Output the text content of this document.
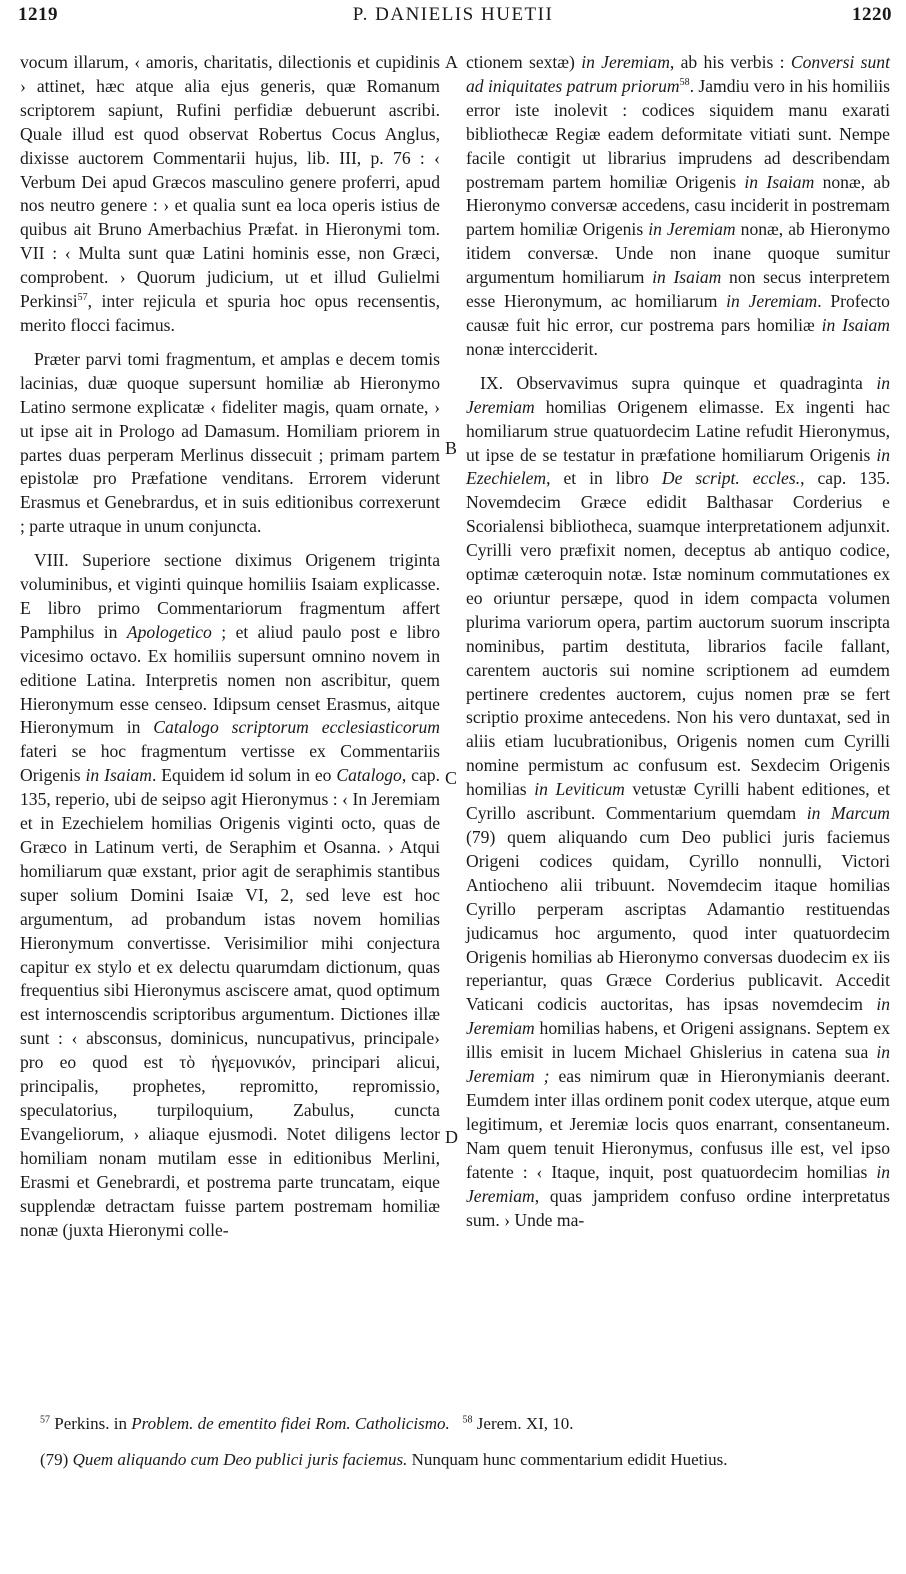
1219	P. DANIELIS HUETII	1220

vocum illarum, ‹ amoris, charitatis, dilectionis et cupidinis › attinet, hæc atque alia ejus generis, quæ Romanum scriptorem sapiunt, Rufini perfidiæ debuerunt ascribi. Quale illud est quod observat Robertus Cocus Anglus, dixisse auctorem Commentarii hujus, lib. III, p. 76 : ‹ Verbum Dei apud Græcos masculino genere proferri, apud nos neutro genere : › et qualia sunt ea loca operis istius de quibus ait Bruno Amerbachius Præfat. in Hieronymi tom. VII : ‹ Multa sunt quæ Latini hominis esse, non Græci, comprobent. › Quorum judicium, ut et illud Gulielmi Perkinsi$^{57}$, inter rejicula et spuria hoc opus recensentis, merito flocci facimus.

Præter parvi tomi fragmentum, et amplas e decem tomis lacinias, duæ quoque supersunt homiliæ ab Hieronymo Latino sermone explicatæ ‹ fideliter magis, quam ornate, › ut ipse ait in Prologo ad Damasum. Homiliam priorem in partes duas perperam Merlinus dissecuit ; primam partem epistolæ pro Præfatione venditans. Errorem viderunt Erasmus et Genebrardus, et in suis editionibus correxerunt ; parte utraque in unum conjuncta.

VIII. Superiore sectione diximus Origenem triginta voluminibus, et viginti quinque homiliis Isaiam explicasse. E libro primo Commentariorum fragmentum affert Pamphilus in Apologetico ; et aliud paulo post e libro vicesimo octavo. Ex homiliis supersunt omnino novem in editione Latina. Interpretis nomen non ascribitur, quem Hieronymum esse censeo. Idipsum censet Erasmus, aitque Hieronymum in Catalogo scriptorum ecclesiasticorum fateri se hoc fragmentum vertisse ex Commentariis Origenis in Isaiam. Equidem id solum in eo Catalogo, cap. 135, reperio, ubi de seipso agit Hieronymus : ‹ In Jeremiam et in Ezechielem homilias Origenis viginti octo, quas de Græco in Latinum verti, de Seraphim et Osanna. › Atqui homiliarum quæ exstant, prior agit de seraphimis stantibus super solium Domini Isaiæ VI, 2, sed leve est hoc argumentum, ad probandum istas novem homilias Hieronymum convertisse. Verisimilior mihi conjectura capitur ex stylo et ex delectu quarumdam dictionum, quas frequentius sibi Hieronymus asciscere amat, quod optimum est internoscendis scriptoribus argumentum. Dictiones illæ sunt : ‹ absconsus, dominicus, nuncupativus, principale› pro eo quod est τὸ ἡγεμονικόν, principari alicui, principalis, prophetes, repromitto, repromissio, speculatorius, turpiloquium, Zabulus, cuncta Evangeliorum, › aliaque ejusmodi. Notet diligens lector homiliam nonam mutilam esse in editionibus Merlini, Erasmi et Genebrardi, et postrema parte truncatam, eique supplendæ detractam fuisse partem postremam homiliæ nonæ (juxta Hieronymi colle-

A
B
C
D

ctionem sextæ) in Jeremiam, ab his verbis : Conversi sunt ad iniquitates patrum priorum$^{58}$. Jamdiu vero in his homiliis error iste inolevit : codices siquidem manu exarati bibliothecæ Regiæ eadem deformitate vitiati sunt. Nempe facile contigit ut librarius imprudens ad describendam postremam partem homiliæ Origenis in Isaiam nonæ, ab Hieronymo conversæ accedens, casu inciderit in postremam partem homiliæ Origenis in Jeremiam nonæ, ab Hieronymo itidem conversæ. Unde non inane quoque sumitur argumentum homiliarum in Isaiam non secus interpretem esse Hieronymum, ac homiliarum in Jeremiam. Profecto causæ fuit hic error, cur postrema pars homiliæ in Isaiam nonæ intercciderit.

IX. Observavimus supra quinque et quadraginta in Jeremiam homilias Origenem elimasse. Ex ingenti hac homiliarum strue quatuordecim Latine refudit Hieronymus, ut ipse de se testatur in præfatione homiliarum Origenis in Ezechielem, et in libro De script. eccles., cap. 135. Novemdecim Græce edidit Balthasar Corderius e Scorialensi bibliotheca, suamque interpretationem adjunxit. Cyrilli vero præfixit nomen, deceptus ab antiquo codice, optimæ cæteroquin notæ. Istæ nominum commutationes ex eo oriuntur persæpe, quod in idem compacta volumen plurima variorum opera, partim auctorum suorum inscripta nominibus, partim destituta, librarios facile fallant, carentem auctoris sui nomine scriptionem ad eumdem pertinere credentes auctorem, cujus nomen præ se fert scriptio proxime antecedens. Non his vero duntaxat, sed in aliis etiam lucubrationibus, Origenis nomen cum Cyrilli nomine permistum ac confusum est. Sexdecim Origenis homilias in Leviticum vetustæ Cyrilli habent editiones, et Cyrillo ascribunt. Commentarium quemdam in Marcum (79) quem aliquando cum Deo publici juris faciemus Origeni codices quidam, Cyrillo nonnulli, Victori Antiocheno alii tribuunt. Novemdecim itaque homilias Cyrillo perperam ascriptas Adamantio restituendas judicamus hoc argumento, quod inter quatuordecim Origenis homilias ab Hieronymo conversas duodecim ex iis reperiantur, quas Græce Corderius publicavit. Accedit Vaticani codicis auctoritas, has ipsas novemdecim in Jeremiam homilias habens, et Origeni assignans. Septem ex illis emisit in lucem Michael Ghislerius in catena sua in Jeremiam ; eas nimirum quæ in Hieronymianis deerant. Eumdem inter illas ordinem ponit codex uterque, atque eum legitimum, et Jeremiæ locis quos enarrant, consentaneum. Nam quem tenuit Hieronymus, confusus ille est, vel ipso fatente : ‹ Itaque, inquit, post quatuordecim homilias in Jeremiam, quas jampridem confuso ordine interpretatus sum. › Unde ma-

$^{57}$ Perkins. in Problem. de ementito fidei Rom. Catholicismo. $^{58}$ Jerem. XI, 10.

(79) Quem aliquando cum Deo publici juris faciemus. Nunquam hunc commentarium edidit Huetius.
